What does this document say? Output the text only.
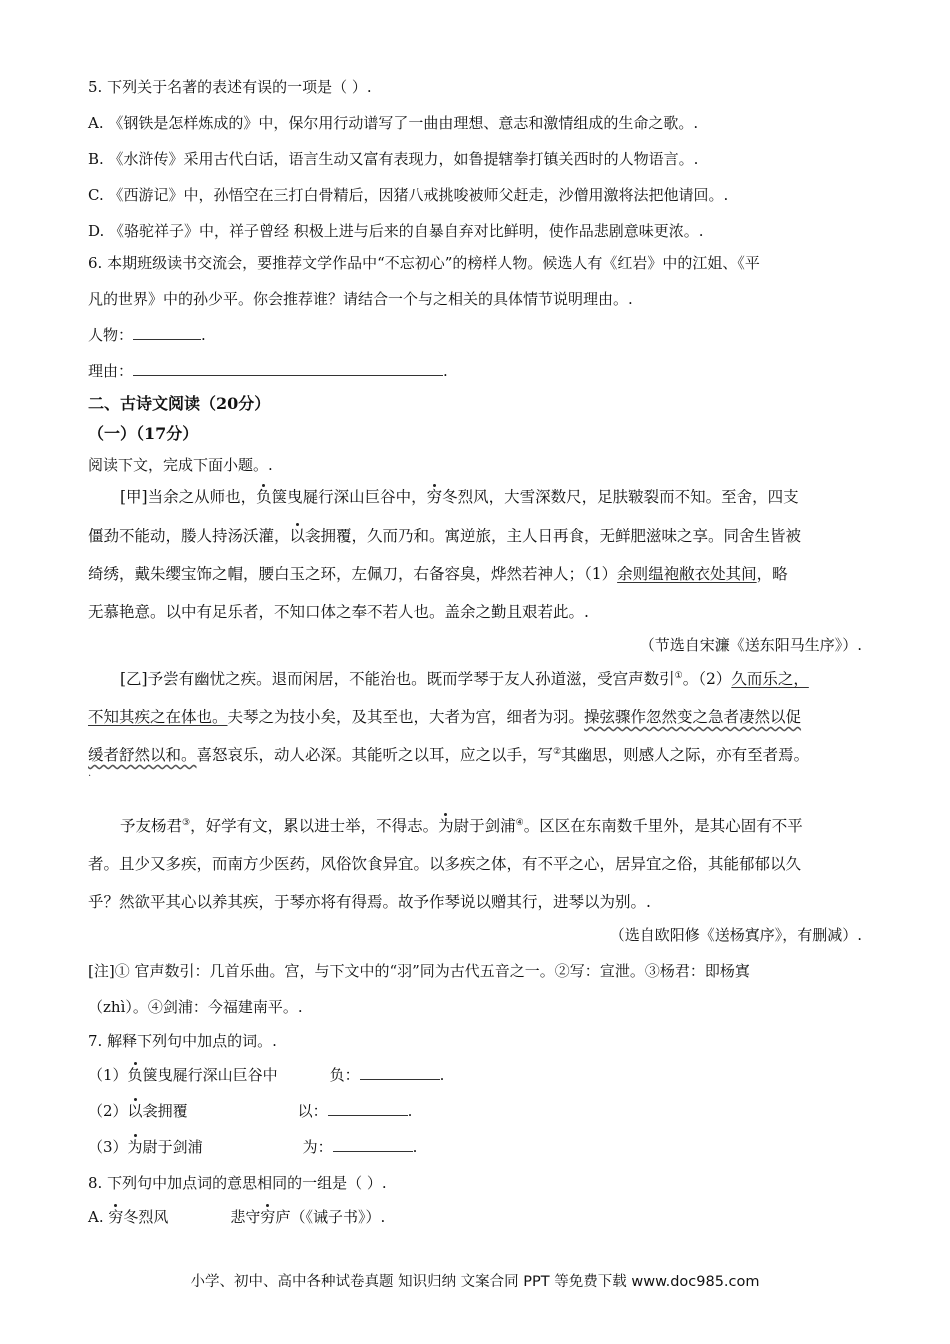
5. 下列关于名著的表述有误的一项是（ ）.
A. 《钢铁是怎样炼成的》中，保尔用行动谱写了一曲由理想、意志和激情组成的生命之歌。.
B. 《水浒传》采用古代白话，语言生动又富有表现力，如鲁提辖拳打镇关西时的人物语言。.
C. 《西游记》中，孙悟空在三打白骨精后，因猪八戒挑唆被师父赶走，沙僧用激将法把他请回。.
D. 《骆驼祥子》中，祥子曾经 积极上进与后来的自暴自弃对比鲜明，使作品悲剧意味更浓。.
6. 本期班级读书交流会，要推荐文学作品中“不忘初心”的榜样人物。候选人有《红岩》中的江姐、《平
凡的世界》中的孙少平。你会推荐谁？请结合一个与之相关的具体情节说明理由。.
人物：	.
理由：	.
二、古诗文阅读（20分）
（一）（17分）
阅读下文，完成下面小题。.
[甲]当余之从师也，负箧曳屣行深山巨谷中，穷冬烈风，大雪深数尺，足肤皲裂而不知。至舍，四支
僵劲不能动，媵人持汤沃灌，以衾拥覆，久而乃和。寓逆旅，主人日再食，无鲜肥滋味之享。同舍生皆被
绮绣，戴朱缨宝饰之帽，腰白玉之环，左佩刀，右备容臭，烨然若神人；（1）余则缊袍敝衣处其间，略
无慕艳意。以中有足乐者，不知口体之奉不若人也。盖余之勤且艰若此。.
（节选自宋濂《送东阳马生序》）.
[乙]予尝有幽忧之疾。退而闲居，不能治也。既而学琴于友人孙道滋，受宫声数引①。（2）久而乐之，
不知其疾之在体也。夫琴之为技小矣，及其至也，大者为宫，细者为羽。操弦骤作忽然变之急者凄然以促
缓者舒然以和。喜怒哀乐，动人必深。其能听之以耳，应之以手，写②其幽思，则感人之际，亦有至者焉。
.
予友杨君③，好学有文，累以进士举，不得志。为尉于剑浦④。区区在东南数千里外，是其心固有不平
者。且少又多疾，而南方少医药，风俗饮食异宜。以多疾之体，有不平之心，居异宜之俗，其能郁郁以久
乎？然欲平其心以养其疾，于琴亦将有得焉。故予作琴说以赠其行，进琴以为别。.
（选自欧阳修《送杨寘序》，有删减）.
[注]① 官声数引：几首乐曲。宫，与下文中的“羽”同为古代五音之一。②写：宣泄。③杨君：即杨寘
（zhì）。④剑浦：今福建南平。.
7. 解释下列句中加点的词。.
（1）负箧曳屣行深山巨谷中	负：	.
（2）以衾拥覆	以：	.
（3）为尉于剑浦	为：	.
8. 下列句中加点词的意思相同的一组是（ ）.
A. 穷冬烈风	悲守穷庐（《诫子书》）.
小学、初中、高中各种试卷真题 知识归纳 文案合同 PPT 等免费下载 www.doc985.com
